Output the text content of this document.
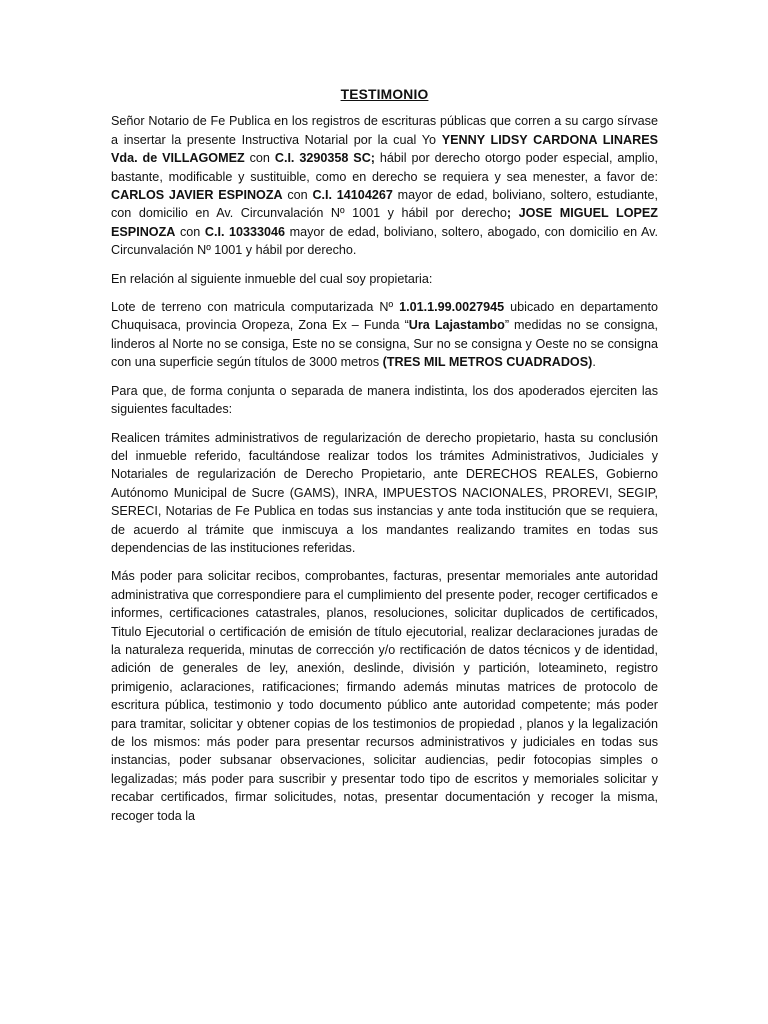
TESTIMONIO

Señor Notario de Fe Publica en los registros de escrituras públicas que corren a su cargo sírvase a insertar la presente Instructiva Notarial por la cual Yo YENNY LIDSY CARDONA LINARES Vda. de VILLAGOMEZ con C.I. 3290358 SC; hábil por derecho otorgo poder especial, amplio, bastante, modificable y sustituible, como en derecho se requiera y sea menester, a favor de: CARLOS JAVIER ESPINOZA con C.I. 14104267 mayor de edad, boliviano, soltero, estudiante, con domicilio en Av. Circunvalación Nº 1001 y hábil por derecho; JOSE MIGUEL LOPEZ ESPINOZA con C.I. 10333046 mayor de edad, boliviano, soltero, abogado, con domicilio en Av. Circunvalación Nº 1001 y hábil por derecho.

En relación al siguiente inmueble del cual soy propietaria:

Lote de terreno con matricula computarizada Nº 1.01.1.99.0027945 ubicado en departamento Chuquisaca, provincia Oropeza, Zona Ex – Funda “Ura Lajastambo” medidas no se consigna, linderos al Norte no se consiga, Este no se consigna, Sur no se consigna y Oeste no se consigna con una superficie según títulos de 3000 metros (TRES MIL METROS CUADRADOS).

Para que, de forma conjunta o separada de manera indistinta, los dos apoderados ejerciten las siguientes facultades:

Realicen trámites administrativos de regularización de derecho propietario, hasta su conclusión del inmueble referido, facultándose realizar todos los trámites Administrativos, Judiciales y Notariales de regularización de Derecho Propietario, ante DERECHOS REALES, Gobierno Autónomo Municipal de Sucre (GAMS), INRA, IMPUESTOS NACIONALES, PROREVI, SEGIP, SERECI, Notarias de Fe Publica en todas sus instancias y ante toda institución que se requiera, de acuerdo al trámite que inmiscuya a los mandantes realizando tramites en todas sus dependencias de las instituciones referidas.

Más poder para solicitar recibos, comprobantes, facturas, presentar memoriales ante autoridad administrativa que correspondiere para el cumplimiento del presente poder, recoger certificados e informes, certificaciones catastrales, planos, resoluciones, solicitar duplicados de certificados, Titulo Ejecutorial o certificación de emisión de título ejecutorial, realizar declaraciones juradas de la naturaleza requerida, minutas de corrección y/o rectificación de datos técnicos y de identidad, adición de generales de ley, anexión, deslinde, división y partición, loteamineto, registro primigenio, aclaraciones, ratificaciones; firmando además minutas matrices de protocolo de escritura pública, testimonio y todo documento público ante autoridad competente; más poder para tramitar, solicitar y obtener copias de los testimonios de propiedad , planos y la legalización de los mismos: más poder para presentar recursos administrativos y judiciales en todas sus instancias, poder subsanar observaciones, solicitar audiencias, pedir fotocopias simples o legalizadas; más poder para suscribir y presentar todo tipo de escritos y memoriales solicitar y recabar certificados, firmar solicitudes, notas, presentar documentación y recoger la misma, recoger toda la
